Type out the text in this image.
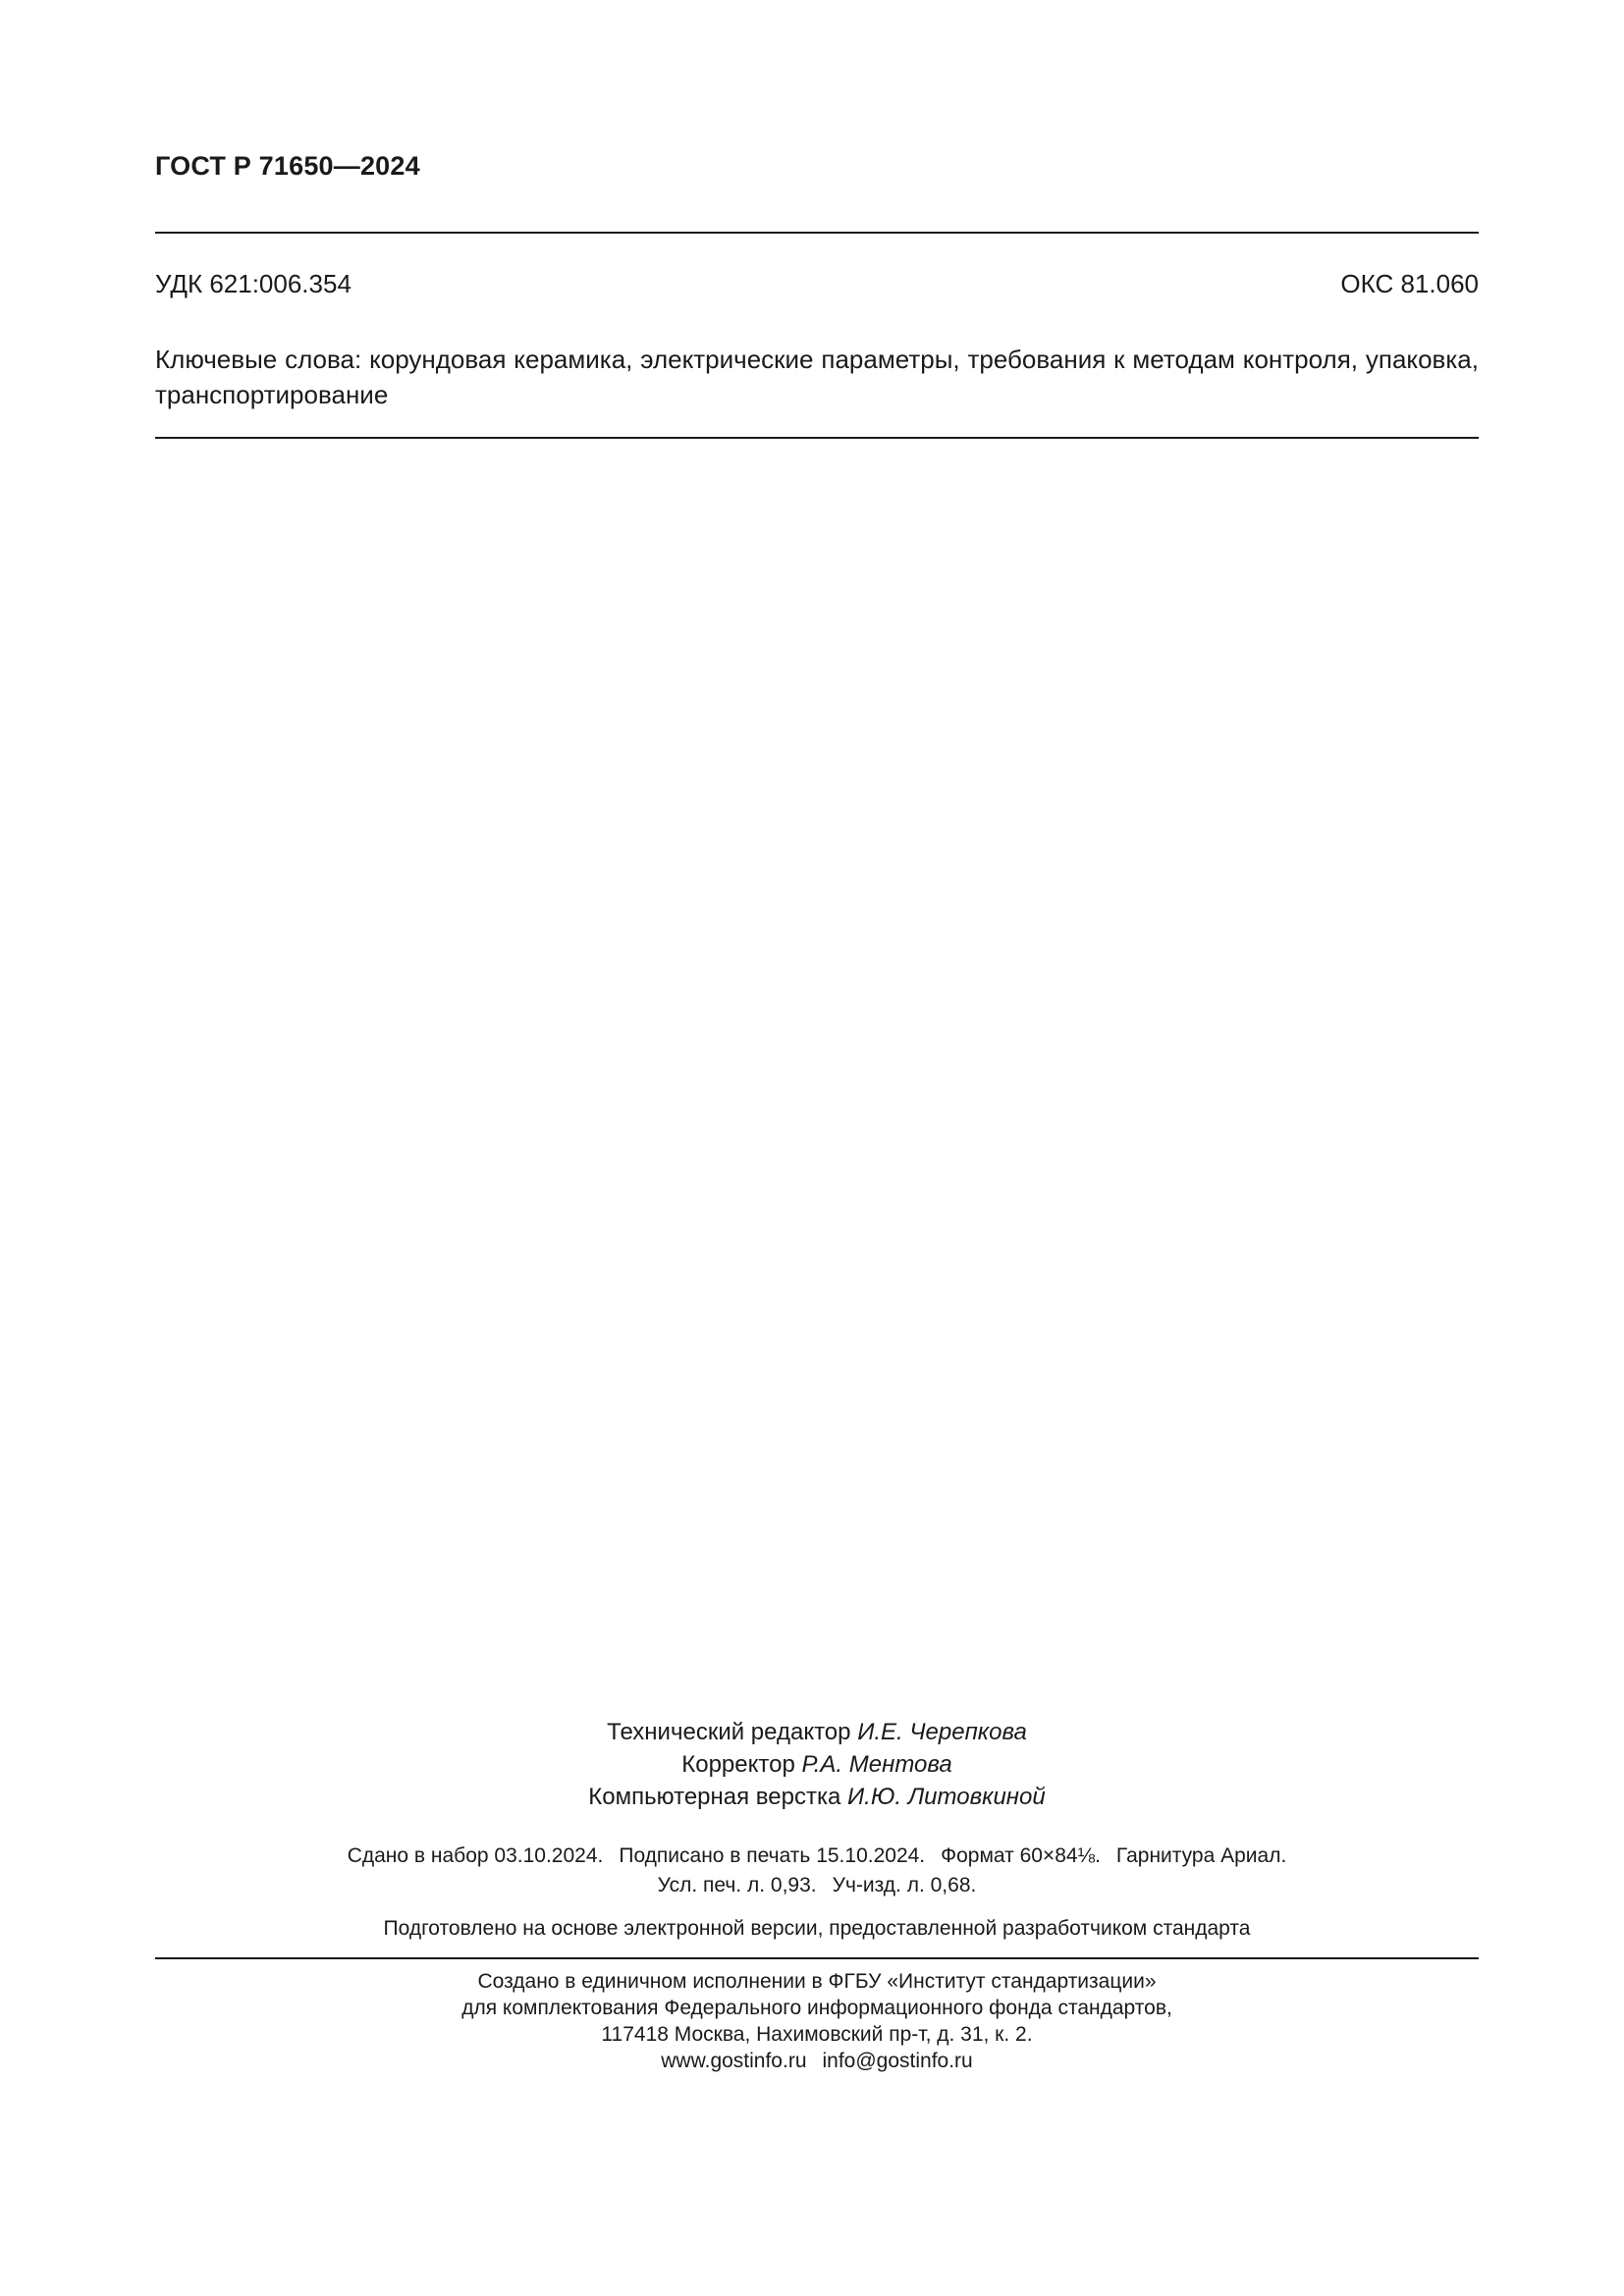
ГОСТ Р 71650—2024
УДК 621:006.354	ОКС 81.060
Ключевые слова: корундовая керамика, электрические параметры, требования к методам контроля, упаковка, транспортирование
Технический редактор И.Е. Черепкова
Корректор Р.А. Ментова
Компьютерная верстка И.Ю. Литовкиной
Сдано в набор 03.10.2024. Подписано в печать 15.10.2024. Формат 60×84⅛. Гарнитура Ариал.
Усл. печ. л. 0,93. Уч-изд. л. 0,68.
Подготовлено на основе электронной версии, предоставленной разработчиком стандарта
Создано в единичном исполнении в ФГБУ «Институт стандартизации»
для комплектования Федерального информационного фонда стандартов,
117418 Москва, Нахимовский пр-т, д. 31, к. 2.
www.gostinfo.ru info@gostinfo.ru
